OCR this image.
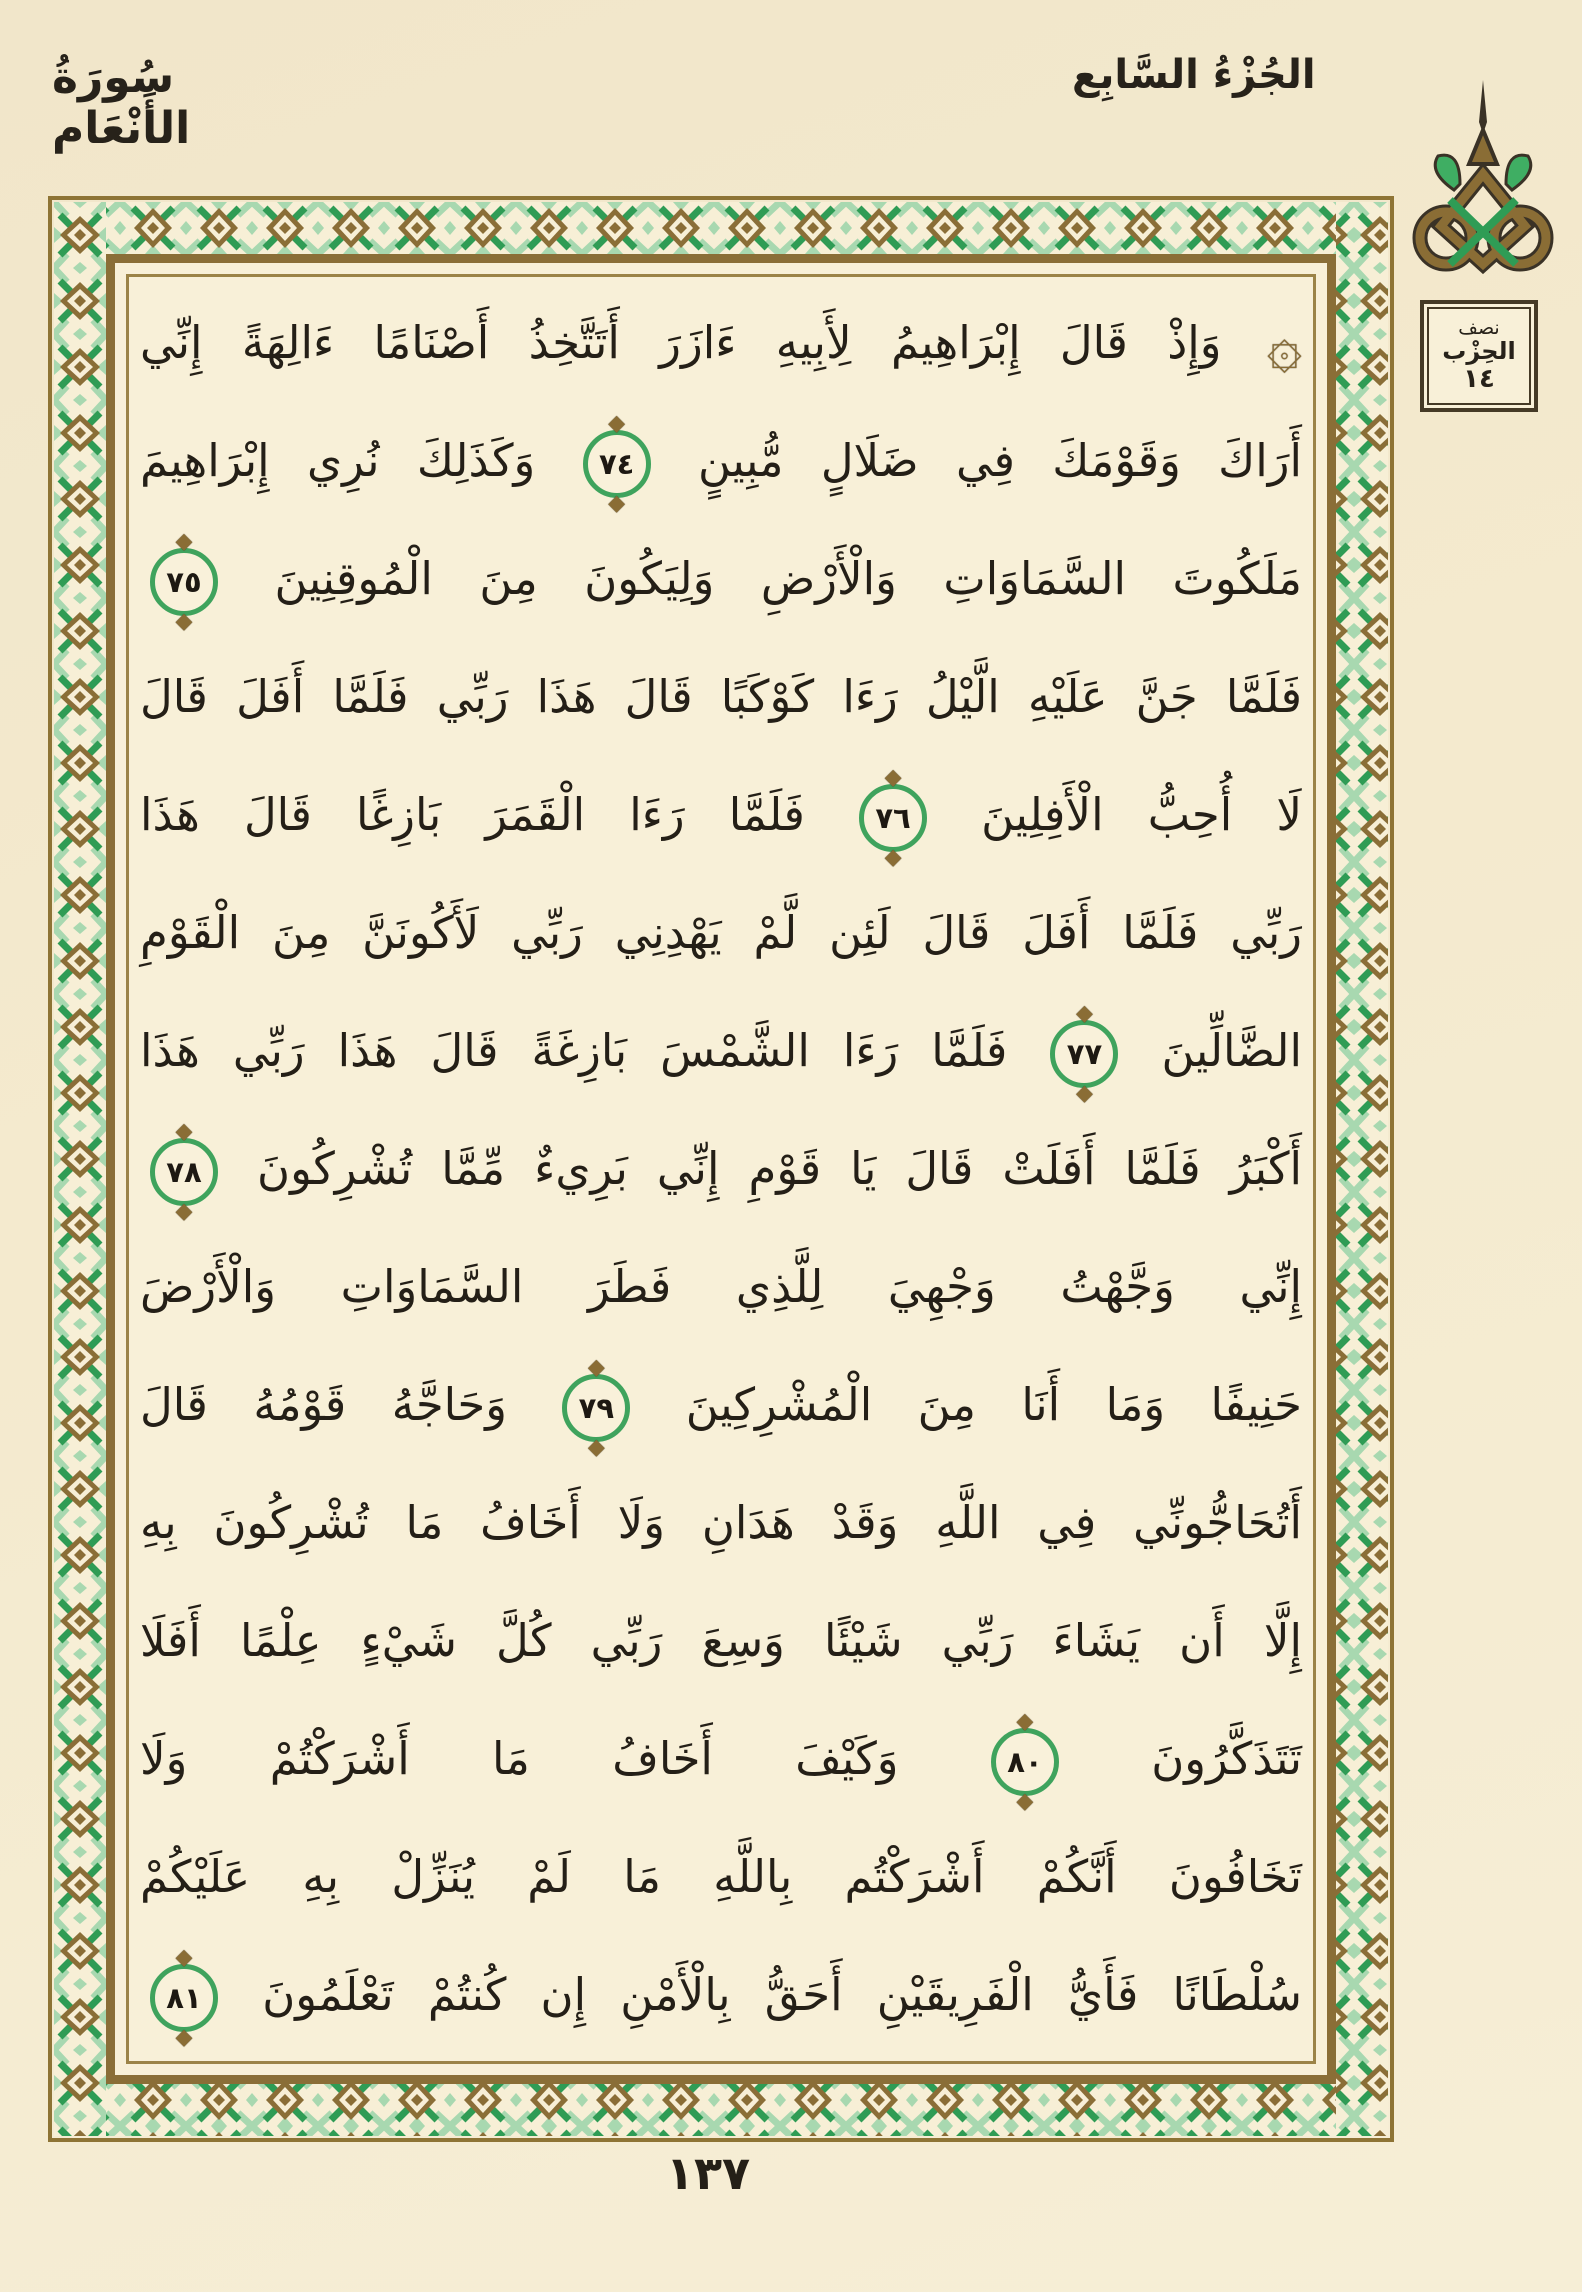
سُورَةُ الأَنْعَام
الجُزْءُ السَّابِع
نصف
الحِزْب
١٤
۞ وَإِذْ قَالَ إِبْرَاهِيمُ لِأَبِيهِ ءَازَرَ أَتَتَّخِذُ أَصْنَامًا ءَالِهَةً إِنِّي
أَرَاكَ وَقَوْمَكَ فِي ضَلَالٍ مُّبِينٍ ◆ ٧٤ ◆ وَكَذَلِكَ نُرِي إِبْرَاهِيمَ
مَلَكُوتَ السَّمَاوَاتِ وَالْأَرْضِ وَلِيَكُونَ مِنَ الْمُوقِنِينَ ◆ ٧٥ ◆
فَلَمَّا جَنَّ عَلَيْهِ الَّيْلُ رَءَا كَوْكَبًا قَالَ هَذَا رَبِّي فَلَمَّا أَفَلَ قَالَ
لَا أُحِبُّ الْأَفِلِينَ ◆ ٧٦ ◆ فَلَمَّا رَءَا الْقَمَرَ بَازِغًا قَالَ هَذَا
رَبِّي فَلَمَّا أَفَلَ قَالَ لَئِن لَّمْ يَهْدِنِي رَبِّي لَأَكُونَنَّ مِنَ الْقَوْمِ
الضَّالِّينَ ◆ ٧٧ ◆ فَلَمَّا رَءَا الشَّمْسَ بَازِغَةً قَالَ هَذَا رَبِّي هَذَا
أَكْبَرُ فَلَمَّا أَفَلَتْ قَالَ يَا قَوْمِ إِنِّي بَرِيءٌ مِّمَّا تُشْرِكُونَ ◆ ٧٨ ◆
إِنِّي وَجَّهْتُ وَجْهِيَ لِلَّذِي فَطَرَ السَّمَاوَاتِ وَالْأَرْضَ
حَنِيفًا وَمَا أَنَا مِنَ الْمُشْرِكِينَ ◆ ٧٩ ◆ وَحَاجَّهُ قَوْمُهُ قَالَ
أَتُحَاجُّونِّي فِي اللَّهِ وَقَدْ هَدَانِ وَلَا أَخَافُ مَا تُشْرِكُونَ بِهِ
إِلَّا أَن يَشَاءَ رَبِّي شَيْئًا وَسِعَ رَبِّي كُلَّ شَيْءٍ عِلْمًا أَفَلَا
تَتَذَكَّرُونَ ◆ ٨٠ ◆ وَكَيْفَ أَخَافُ مَا أَشْرَكْتُمْ وَلَا
تَخَافُونَ أَنَّكُمْ أَشْرَكْتُم بِاللَّهِ مَا لَمْ يُنَزِّلْ بِهِ عَلَيْكُمْ
سُلْطَانًا فَأَيُّ الْفَرِيقَيْنِ أَحَقُّ بِالْأَمْنِ إِن كُنتُمْ تَعْلَمُونَ ◆ ٨١ ◆
١٣٧
